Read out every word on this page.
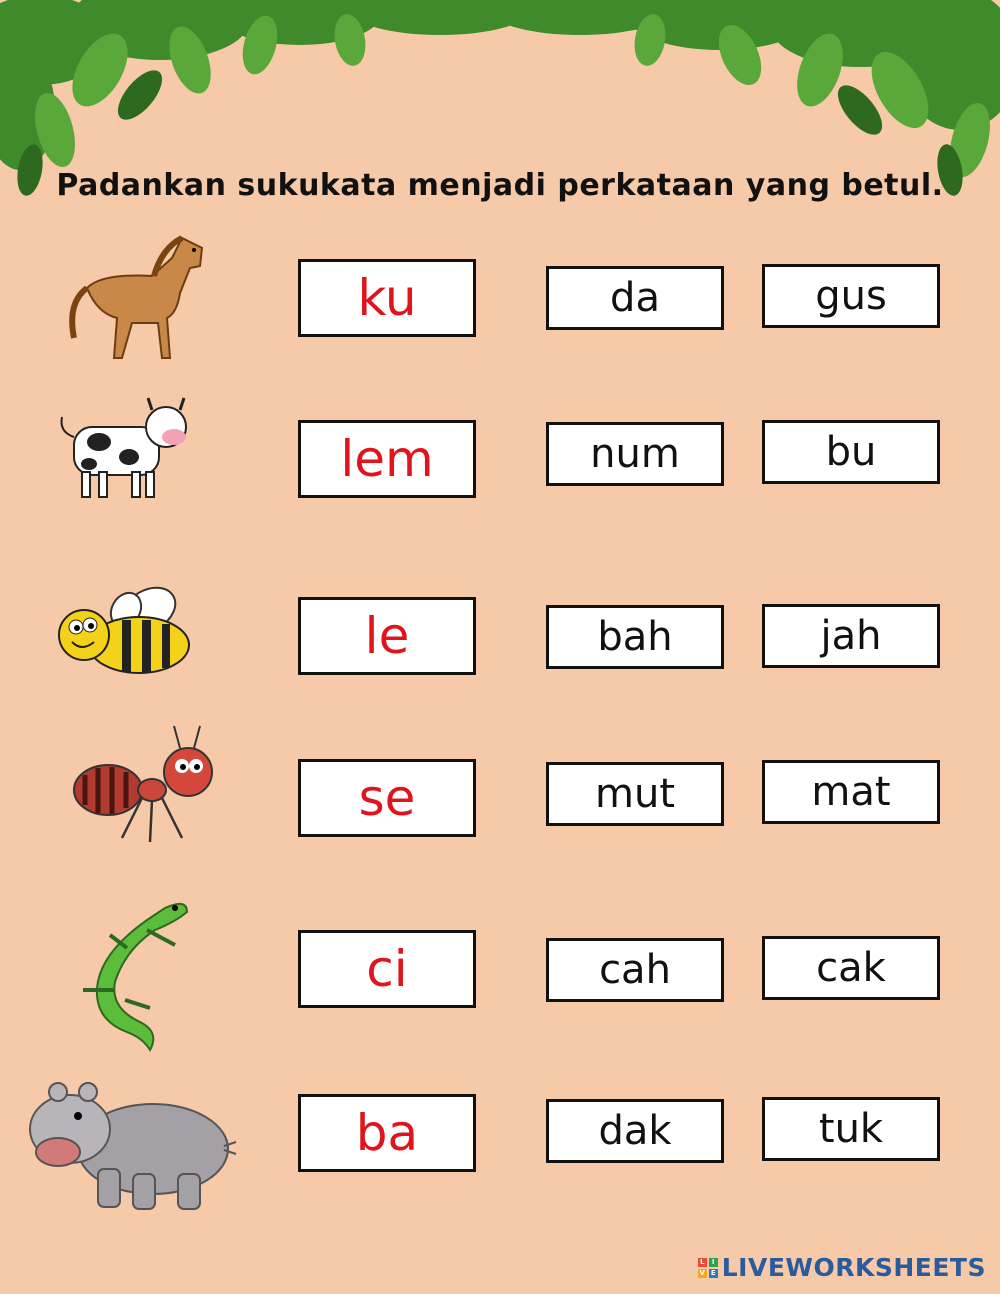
Padankan sukukata menjadi perkataan yang betul.
ku	da	gus
lem	num	bu
le	bah	jah
se	mut	mat
ci	cah	cak
ba	dak	tuk
L	I
V E LIVEWORKSHEETS
